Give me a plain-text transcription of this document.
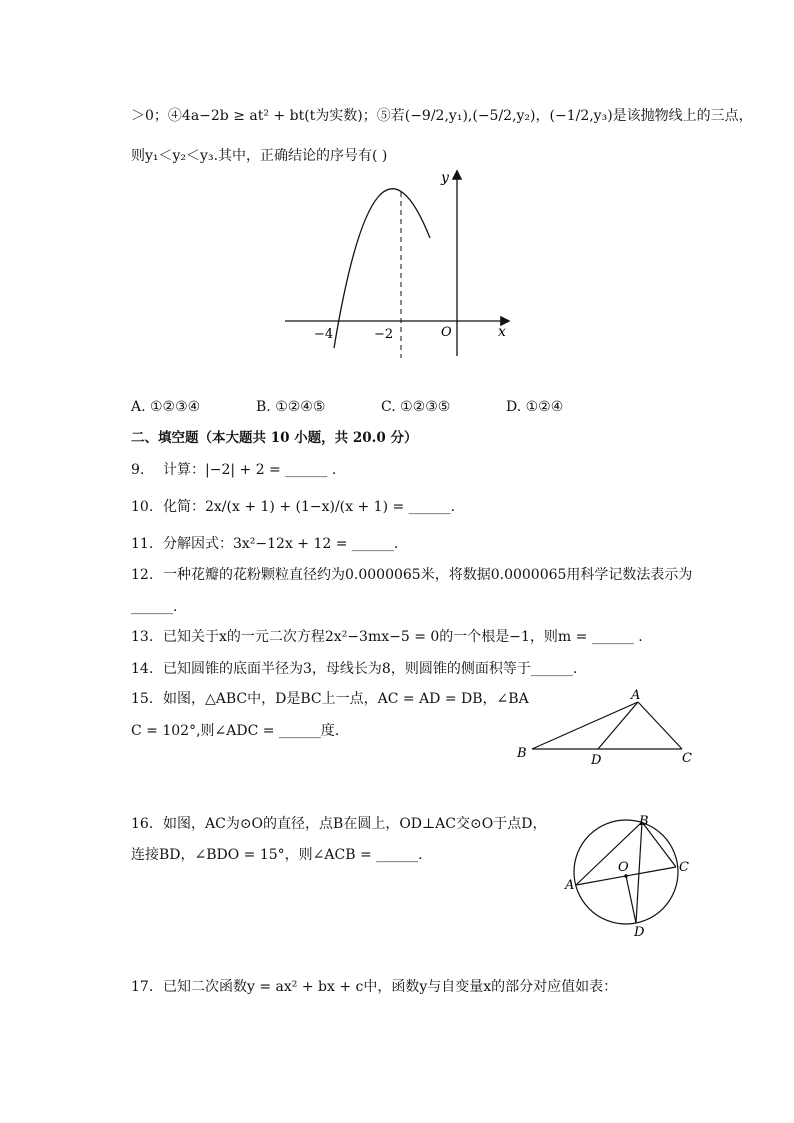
＞0；④4a−2b ≥ at² + bt(t为实数)；⑤若(−9/2,y₁),(−5/2,y₂)，(−1/2,y₃)是该抛物线上的三点，
则y₁＜y₂＜y₃.其中，正确结论的序号有( )
y
x
O
−4	−2
A. ①②③④	B. ①②④⑤	C. ①②③⑤	D. ①②④
二、填空题（本大题共 10 小题，共 20.0 分）
9. 计算：|−2| + 2 = ______ .
10. 化简：2x/(x + 1) + (1−x)/(x + 1) = ______.
11. 分解因式：3x²−12x + 12 = ______.
12. 一种花瓣的花粉颗粒直径约为0.0000065米，将数据0.0000065用科学记数法表示为
______.
13. 已知关于x的一元二次方程2x²−3mx−5 = 0的一个根是−1，则m = ______ .
14. 已知圆锥的底面半径为3，母线长为8，则圆锥的侧面积等于______.
15. 如图，△ABC中，D是BC上一点，AC = AD = DB，∠BA
C = 102°,则∠ADC = ______度.
A
B	C
D
16. 如图，AC为⊙O的直径，点B在圆上，OD⊥AC交⊙O于点D，
连接BD，∠BDO = 15°，则∠ACB = ______.
A
B
C
D
O
17. 已知二次函数y = ax² + bx + c中，函数y与自变量x的部分对应值如表：
